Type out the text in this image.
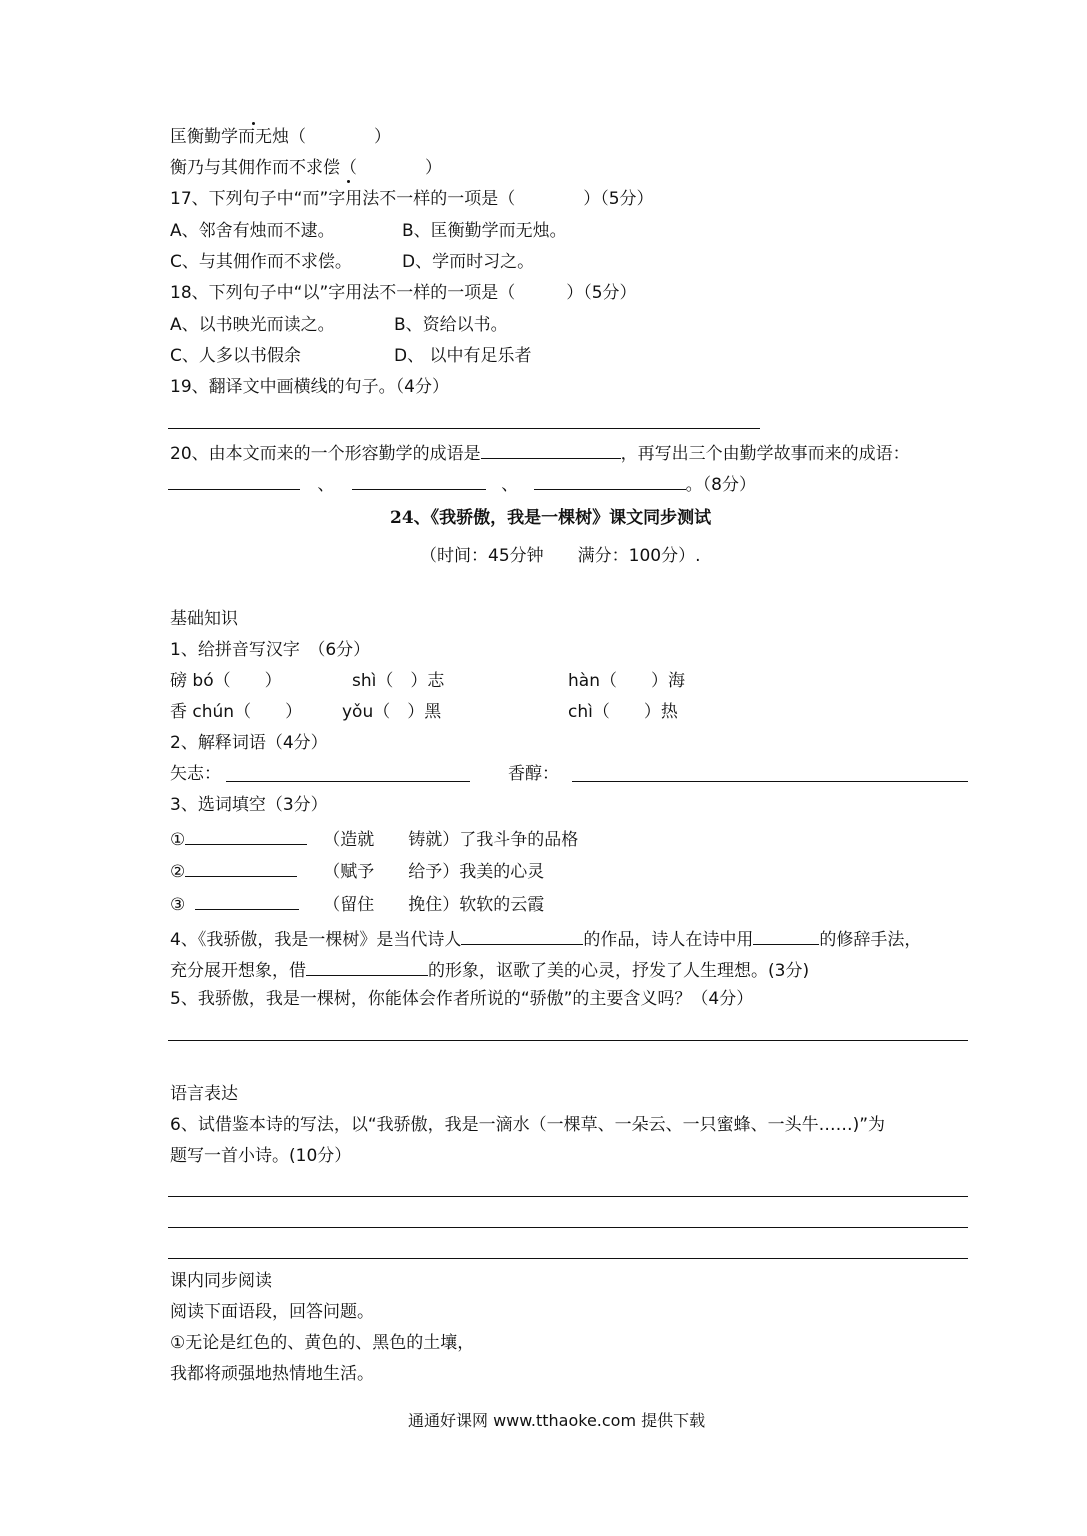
匡衡勤学而无烛（　　　　）
衡乃与其佣作而不求偿（　　　　）
17、下列句子中“而”字用法不一样的一项是（　　　　）（5分）
A、邻舍有烛而不逮。	B、匡衡勤学而无烛。
C、与其佣作而不求偿。	D、学而时习之。
18、下列句子中“以”字用法不一样的一项是（　　　）（5分）
A、以书映光而读之。	B、资给以书。
C、人多以书假余	D、 以中有足乐者
19、翻译文中画横线的句子。（4分）
20、由本文而来的一个形容勤学的成语是	，再写出三个由勤学故事而来的成语：
、	、	。（8分）
24、《我骄傲，我是一棵树》课文同步测试
（时间：45分钟　　满分：100分）.
基础知识
1、给拼音写汉字　（6分）
磅 bó（　　）	shì（　）志	hàn（　　）海
香 chún（　　） yǒu（　）黑	chì（　　）热
2、解释词语（4分）
矢志：	香醇：
3、选词填空（3分）
①	（造就　　铸就）了我斗争的品格
②	（赋予　　给予）我美的心灵
③	（留住　　挽住）软软的云霞
4、《我骄傲，我是一棵树》是当代诗人	的作品，诗人在诗中用	的修辞手法，
充分展开想象，借	的形象，讴歌了美的心灵，抒发了人生理想。(3分)
5、我骄傲，我是一棵树，你能体会作者所说的“骄傲”的主要含义吗？（4分）
语言表达
6、试借鉴本诗的写法，以“我骄傲，我是一滴水（一棵草、一朵云、一只蜜蜂、一头牛……)”为
题写一首小诗。(10分）
课内同步阅读
阅读下面语段，回答问题。
①无论是红色的、黄色的、黑色的土壤，
我都将顽强地热情地生活。
通通好课网 www.tthaoke.com 提供下载
